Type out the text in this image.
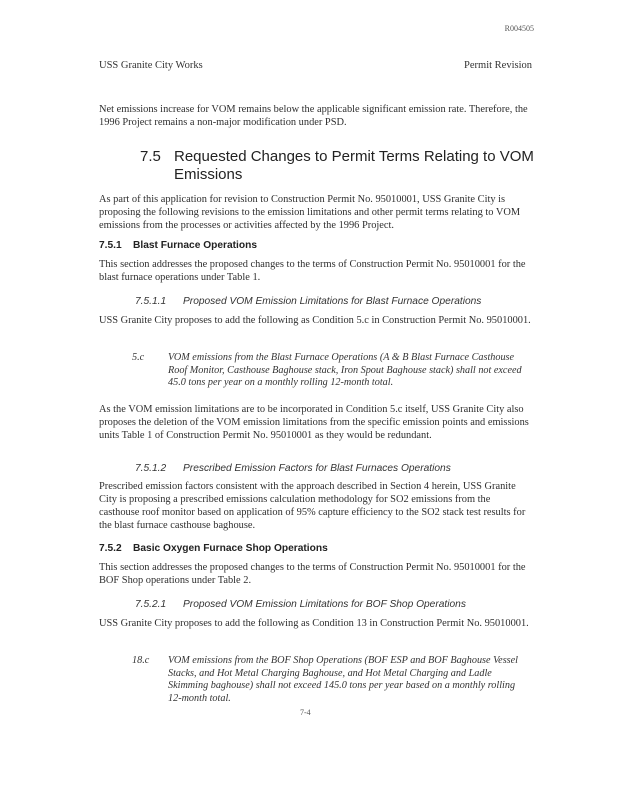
R004505
USS Granite City Works	Permit Revision

Net emissions increase for VOM remains below the applicable significant emission rate. Therefore, the 1996 Project remains a non-major modification under PSD.

7.5 Requested Changes to Permit Terms Relating to VOM Emissions

As part of this application for revision to Construction Permit No. 95010001, USS Granite City is proposing the following revisions to the emission limitations and other permit terms relating to VOM emissions from the processes or activities affected by the 1996 Project.

7.5.1 Blast Furnace Operations

This section addresses the proposed changes to the terms of Construction Permit No. 95010001 for the blast furnace operations under Table 1.

7.5.1.1 Proposed VOM Emission Limitations for Blast Furnace Operations

USS Granite City proposes to add the following as Condition 5.c in Construction Permit No. 95010001.

5.c VOM emissions from the Blast Furnace Operations (A & B Blast Furnace Casthouse Roof Monitor, Casthouse Baghouse stack, Iron Spout Baghouse stack) shall not exceed 45.0 tons per year on a monthly rolling 12-month total.

As the VOM emission limitations are to be incorporated in Condition 5.c itself, USS Granite City also proposes the deletion of the VOM emission limitations from the specific emission points and emissions units Table 1 of Construction Permit No. 95010001 as they would be redundant.

7.5.1.2 Prescribed Emission Factors for Blast Furnaces Operations

Prescribed emission factors consistent with the approach described in Section 4 herein, USS Granite City is proposing a prescribed emissions calculation methodology for SO2 emissions from the casthouse roof monitor based on application of 95% capture efficiency to the SO2 stack test results for the blast furnace casthouse baghouse.

7.5.2 Basic Oxygen Furnace Shop Operations

This section addresses the proposed changes to the terms of Construction Permit No. 95010001 for the BOF Shop operations under Table 2.

7.5.2.1 Proposed VOM Emission Limitations for BOF Shop Operations

USS Granite City proposes to add the following as Condition 13 in Construction Permit No. 95010001.

18.c VOM emissions from the BOF Shop Operations (BOF ESP and BOF Baghouse Vessel Stacks, and Hot Metal Charging Baghouse, and Hot Metal Charging and Ladle Skimming baghouse) shall not exceed 145.0 tons per year based on a monthly rolling 12-month total.
7-4
